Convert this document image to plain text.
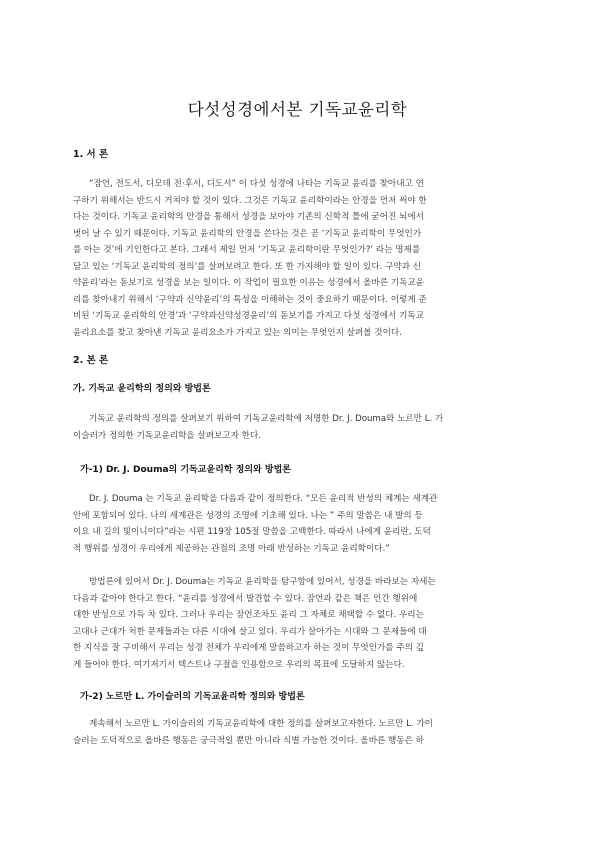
다섯성경에서본 기독교윤리학
1. 서 론
“잠언, 전도서, 디모데 전·후서, 디도서” 이 다섯 성경에 나타는 기독교 윤리를 찾아내고 연
구하기 위해서는 반드시 거쳐야 할 것이 있다. 그것은 기독교 윤리학이라는 안경을 먼저 써야 한
다는 것이다. 기독교 윤리학의 안경을 통해서 성경을 보아야 기존의 신학적 틀에 굳어진 뇌에서
벗어 날 수 있기 때문이다. 기독교 윤리학의 안경을 쓴다는 것은 곧 ‘기독교 윤리학이 무엇인가
를 아는 것’에 기인한다고 본다. 그래서 제일 먼저 ‘기독교 윤리학이란 무엇인가?’ 라는 명제를
담고 있는 ‘기독교 윤리학의 정의’를 살펴보려고 한다. 또 한 가지해야 할 일이 있다. 구약과 신
약윤리’라는 돋보기로 성경을 보는 일이다. 이 작업이 필요한 이유는 성경에서 올바른 기독교윤
리를 찾아내기 위해서 ‘구약과 신약윤리’의 특성을 이해하는 것이 중요하기 때문이다. 이렇게 준
비된 ‘기독교 윤리학의 안경’과 ‘구약과신약성경윤리’의 돋보기를 가지고 다섯 성경에서 기독교
윤리요소를 찾고 찾아낸 기독교 윤리요소가 가지고 있는 의미는 무엇인지 살펴볼 것이다.
2. 본 론
가. 기독교 윤리학의 정의와 방법론
기독교 윤리학의 정의를 살펴보기 위하여 기독교윤리학에 저명한 Dr. J. Douma와 노르만 L. 가
이슬러가 정의한 기독교윤리학을 살펴보고자 한다.
가-1) Dr. J. Douma의 기독교윤리학 정의와 방법론
Dr. J. Douma 는 기독교 윤리학을 다음과 같이 정의한다. “모든 윤리적 반성의 체계는 세계관
안에 포함되어 있다. 나의 세계관은 성경의 조명에 기초해 있다. 나는 ” 주의 말씀은 내 발의 등
이요 내 길의 빛이니이다”라는 시편 119장 105절 말씀을 고백한다. 따라서 나에게 윤리란, 도덕
적 행위를 성경이 우리에게 제공하는 관점의 조명 아래 반성하는 기독교 윤리학이다.”
방법론에 있어서 Dr. J. Douma는 기독교 윤리학을 탐구함에 있어서, 성경을 바라보는 자세는
다음과 같아야 한다고 한다. “윤리를 성경에서 발견할 수 있다. 잠언과 같은 책은 인간 행위에
대한 반성으로 가득 차 있다. 그러나 우리는 잠언조차도 윤리 그 자체로 채택할 수 없다. 우리는
고대나 근대가 처한 문제들과는 다른 시대에 살고 있다. 우리가 살아가는 시대와 그 문제들에 대
한 지식을 잘 구비해서 우리는 성경 전체가 우리에게 말씀하고자 하는 것이 무엇인가를 주의 깊
게 들어야 한다. 여기저기서 텍스트나 구절을 인용함으로 우리의 목표에 도달하지 않는다.
가-2) 노르만 L. 가이슬러의 기독교윤리학 정의와 방법론
계속해서 노르만 L. 가이슬러의 기독교윤리학에 대한 정의를 살펴보고자한다. 노르만 L. 가이
슬러는 도덕적으로 올바른 행동은 궁극적일 뿐만 아니라 식별 가능한 것이다. 올바른 행동은 하
